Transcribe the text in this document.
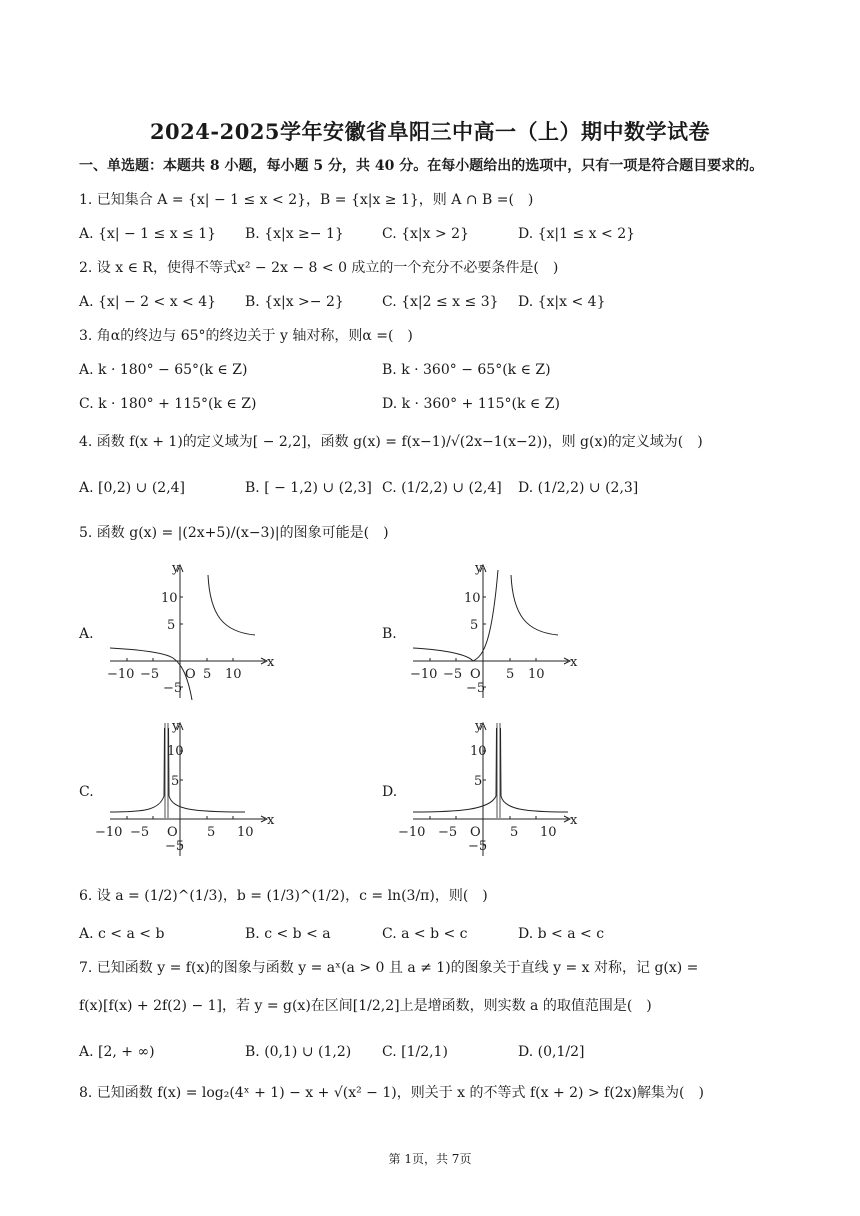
2024-2025学年安徽省阜阳三中高一（上）期中数学试卷
一、单选题：本题共 8 小题，每小题 5 分，共 40 分。在每小题给出的选项中，只有一项是符合题目要求的。
1. 已知集合 A = {x| − 1 ≤ x < 2}，B = {x|x ≥ 1}，则 A ∩ B =(　)
A. {x| − 1 ≤ x ≤ 1} B. {x|x ≥− 1}	C. {x|x > 2}	D. {x|1 ≤ x < 2}
2. 设 x ∈ R，使得不等式x² − 2x − 8 < 0 成立的一个充分不必要条件是(　)
A. {x| − 2 < x < 4} B. {x|x >− 2}	C. {x|2 ≤ x ≤ 3} D. {x|x < 4}
3. 角α的终边与 65°的终边关于 y 轴对称，则α =(　)
A. k · 180° − 65°(k ∈ Z)	B. k · 360° − 65°(k ∈ Z)
C. k · 180° + 115°(k ∈ Z)	D. k · 360° + 115°(k ∈ Z)
4. 函数 f(x + 1)的定义域为[ − 2,2]，函数 g(x) = f(x−1)/√(2x−1(x−2))，则 g(x)的定义域为(　)
A. [0,2) ∪ (2,4]	B. [ − 1,2) ∪ (2,3] C. (1/2,2) ∪ (2,4] D. (1/2,2) ∪ (2,3]
5. 函数 g(x) = |(2x+5)/(x−3)|的图象可能是(　)
A.	B.
C.	D.
y
x
O
−10 −5	5 10
10
5
−5
y
x
O
−10 −5	5 10
10
5
−5
y
x
O
−10 −5	5 10
10
5
−5
y
x
O
−10 −5	5 10
10
5
−5
6. 设 a = (1/2)^(1/3)，b = (1/3)^(1/2)，c = ln(3/π)，则(　)
A. c < a < b	B. c < b < a	C. a < b < c	D. b < a < c
7. 已知函数 y = f(x)的图象与函数 y = aˣ(a > 0 且 a ≠ 1)的图象关于直线 y = x 对称，记 g(x) =
f(x)[f(x) + 2f(2) − 1]，若 y = g(x)在区间[1/2,2]上是增函数，则实数 a 的取值范围是(　)
A. [2, + ∞)	B. (0,1) ∪ (1,2) C. [1/2,1)	D. (0,1/2]
8. 已知函数 f(x) = log₂(4ˣ + 1) − x + √(x² − 1)，则关于 x 的不等式 f(x + 2) > f(2x)解集为(　)
第 1页，共 7页
